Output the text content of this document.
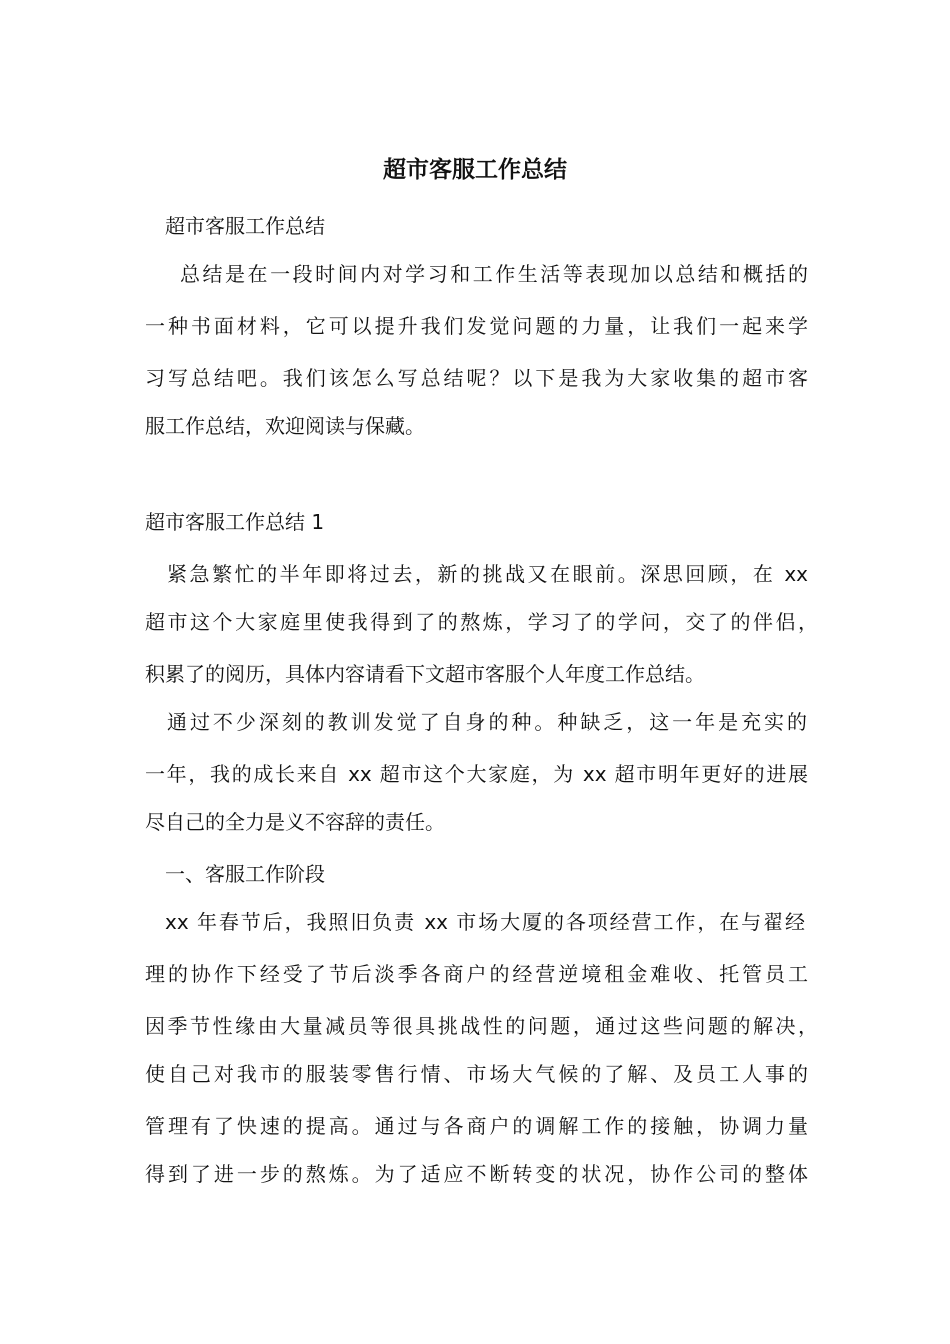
超市客服工作总结

超市客服工作总结

总结是在一段时间内对学习和工作生活等表现加以总结和概括的

一种书面材料，它可以提升我们发觉问题的力量，让我们一起来学

习写总结吧。我们该怎么写总结呢？以下是我为大家收集的超市客

服工作总结，欢迎阅读与保藏。

超市客服工作总结 1

紧急繁忙的半年即将过去，新的挑战又在眼前。深思回顾，在 xx

超市这个大家庭里使我得到了的熬炼，学习了的学问，交了的伴侣，

积累了的阅历，具体内容请看下文超市客服个人年度工作总结。

通过不少深刻的教训发觉了自身的种。种缺乏，这一年是充实的

一年，我的成长来自 xx 超市这个大家庭，为 xx 超市明年更好的进展

尽自己的全力是义不容辞的责任。

一、客服工作阶段

xx 年春节后，我照旧负责 xx 市场大厦的各项经营工作，在与翟经

理的协作下经受了节后淡季各商户的经营逆境租金难收、托管员工

因季节性缘由大量减员等很具挑战性的问题，通过这些问题的解决，

使自己对我市的服装零售行情、市场大气候的了解、及员工人事的

管理有了快速的提高。通过与各商户的调解工作的接触，协调力量

得到了进一步的熬炼。为了适应不断转变的状况，协作公司的整体
